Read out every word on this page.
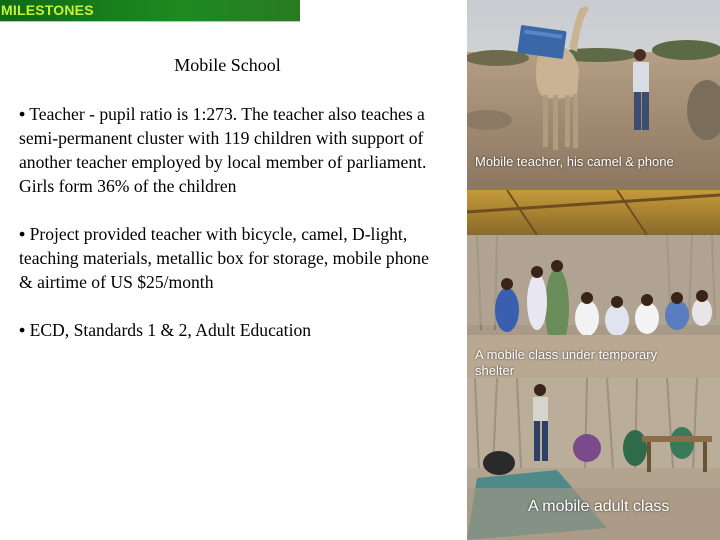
MILESTONES
Mobile School

• Teacher - pupil ratio is 1:273. The teacher also teaches a semi-permanent cluster with 119 children with support of another teacher employed by local member of parliament. Girls form 36% of the children

• Project provided teacher with bicycle, camel, D-light, teaching materials, metallic box for storage, mobile phone & airtime of US $25/month

• ECD, Standards 1 & 2, Adult Education

Mobile teacher, his camel & phone
A mobile class under temporary shelter
A mobile adult class
